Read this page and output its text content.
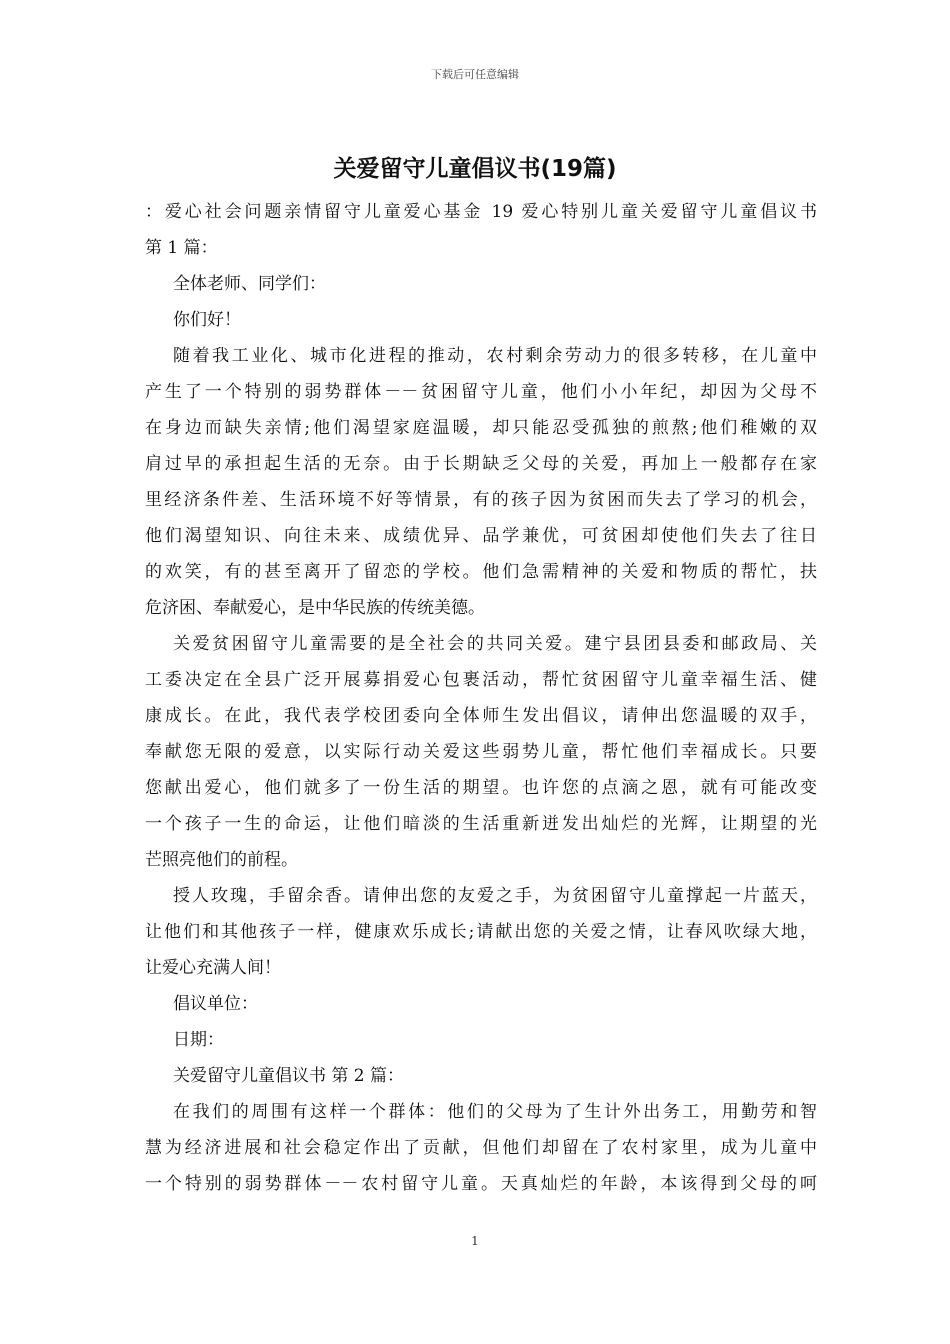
下载后可任意编辑
关爱留守儿童倡议书(19篇)
：爱心社会问题亲情留守儿童爱心基金 19 爱心特别儿童关爱留守儿童倡议书
第 1 篇：
全体老师、同学们：
你们好！
随着我工业化、城市化进程的推动，农村剩余劳动力的很多转移，在儿童中
产生了一个特别的弱势群体－－贫困留守儿童，他们小小年纪，却因为父母不
在身边而缺失亲情;他们渴望家庭温暖，却只能忍受孤独的煎熬;他们稚嫩的双
肩过早的承担起生活的无奈。由于长期缺乏父母的关爱，再加上一般都存在家
里经济条件差、生活环境不好等情景，有的孩子因为贫困而失去了学习的机会，
他们渴望知识、向往未来、成绩优异、品学兼优，可贫困却使他们失去了往日
的欢笑，有的甚至离开了留恋的学校。他们急需精神的关爱和物质的帮忙，扶
危济困、奉献爱心，是中华民族的传统美德。
关爱贫困留守儿童需要的是全社会的共同关爱。建宁县团县委和邮政局、关
工委决定在全县广泛开展募捐爱心包裹活动，帮忙贫困留守儿童幸福生活、健
康成长。在此，我代表学校团委向全体师生发出倡议，请伸出您温暖的双手，
奉献您无限的爱意，以实际行动关爱这些弱势儿童，帮忙他们幸福成长。只要
您献出爱心，他们就多了一份生活的期望。也许您的点滴之恩，就有可能改变
一个孩子一生的命运，让他们暗淡的生活重新迸发出灿烂的光辉，让期望的光
芒照亮他们的前程。
授人玫瑰，手留余香。请伸出您的友爱之手，为贫困留守儿童撑起一片蓝天，
让他们和其他孩子一样，健康欢乐成长;请献出您的关爱之情，让春风吹绿大地，
让爱心充满人间！
倡议单位：
日期：
关爱留守儿童倡议书 第 2 篇：
在我们的周围有这样一个群体：他们的父母为了生计外出务工，用勤劳和智
慧为经济进展和社会稳定作出了贡献，但他们却留在了农村家里，成为儿童中
一个特别的弱势群体－－农村留守儿童。天真灿烂的年龄，本该得到父母的呵
1
